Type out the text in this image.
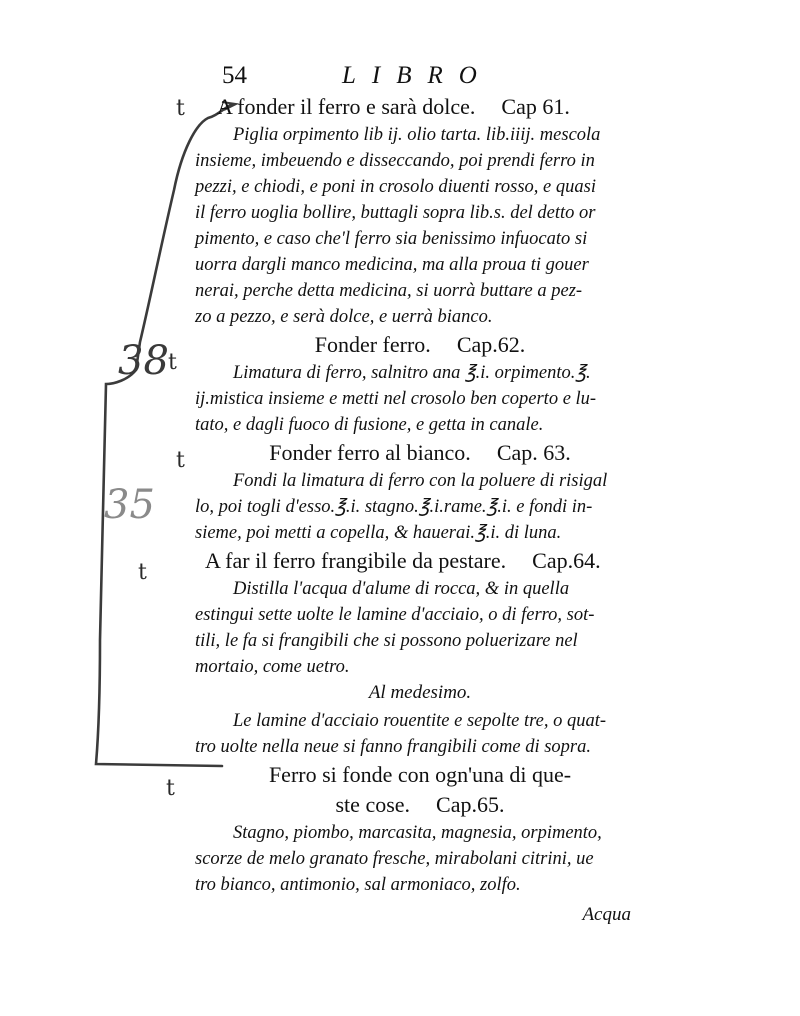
t
38 t
t
35
t
t
54	LIBRO
A fonder il ferro e sarà dolce. Cap 61.
Piglia orpimento lib ij. olio tarta. lib.iiij. mescola
insieme, imbeuendo e disseccando, poi prendi ferro in
pezzi, e chiodi, e poni in crosolo diuenti rosso, e quasi
il ferro uoglia bollire, buttagli sopra lib.s. del detto or
pimento, e caso che'l ferro sia benissimo infuocato si
uorra dargli manco medicina, ma alla proua ti gouer
nerai, perche detta medicina, si uorrà buttare a pez-
zo a pezzo, e serà dolce, e uerrà bianco.
Fonder ferro. Cap.62.
Limatura di ferro, salnitro ana ℥.i. orpimento.℥.
ij.mistica insieme e metti nel crosolo ben coperto e lu-
tato, e dagli fuoco di fusione, e getta in canale.
Fonder ferro al bianco. Cap. 63.
Fondi la limatura di ferro con la poluere di risigal
lo, poi togli d'esso.℥.i. stagno.℥.i.rame.℥.i. e fondi in-
sieme, poi metti a copella, & hauerai.℥.i. di luna.
A far il ferro frangibile da pestare. Cap.64.
Distilla l'acqua d'alume di rocca, & in quella
estingui sette uolte le lamine d'acciaio, o di ferro, sot-
tili, le fa si frangibili che si possono poluerizare nel
mortaio, come uetro.
Al medesimo.
Le lamine d'acciaio rouentite e sepolte tre, o quat-
tro uolte nella neue si fanno frangibili come di sopra.
Ferro si fonde con ogn'una di que-
ste cose. Cap.65.
Stagno, piombo, marcasita, magnesia, orpimento,
scorze de melo granato fresche, mirabolani citrini, ue
tro bianco, antimonio, sal armoniaco, zolfo.
Acqua
